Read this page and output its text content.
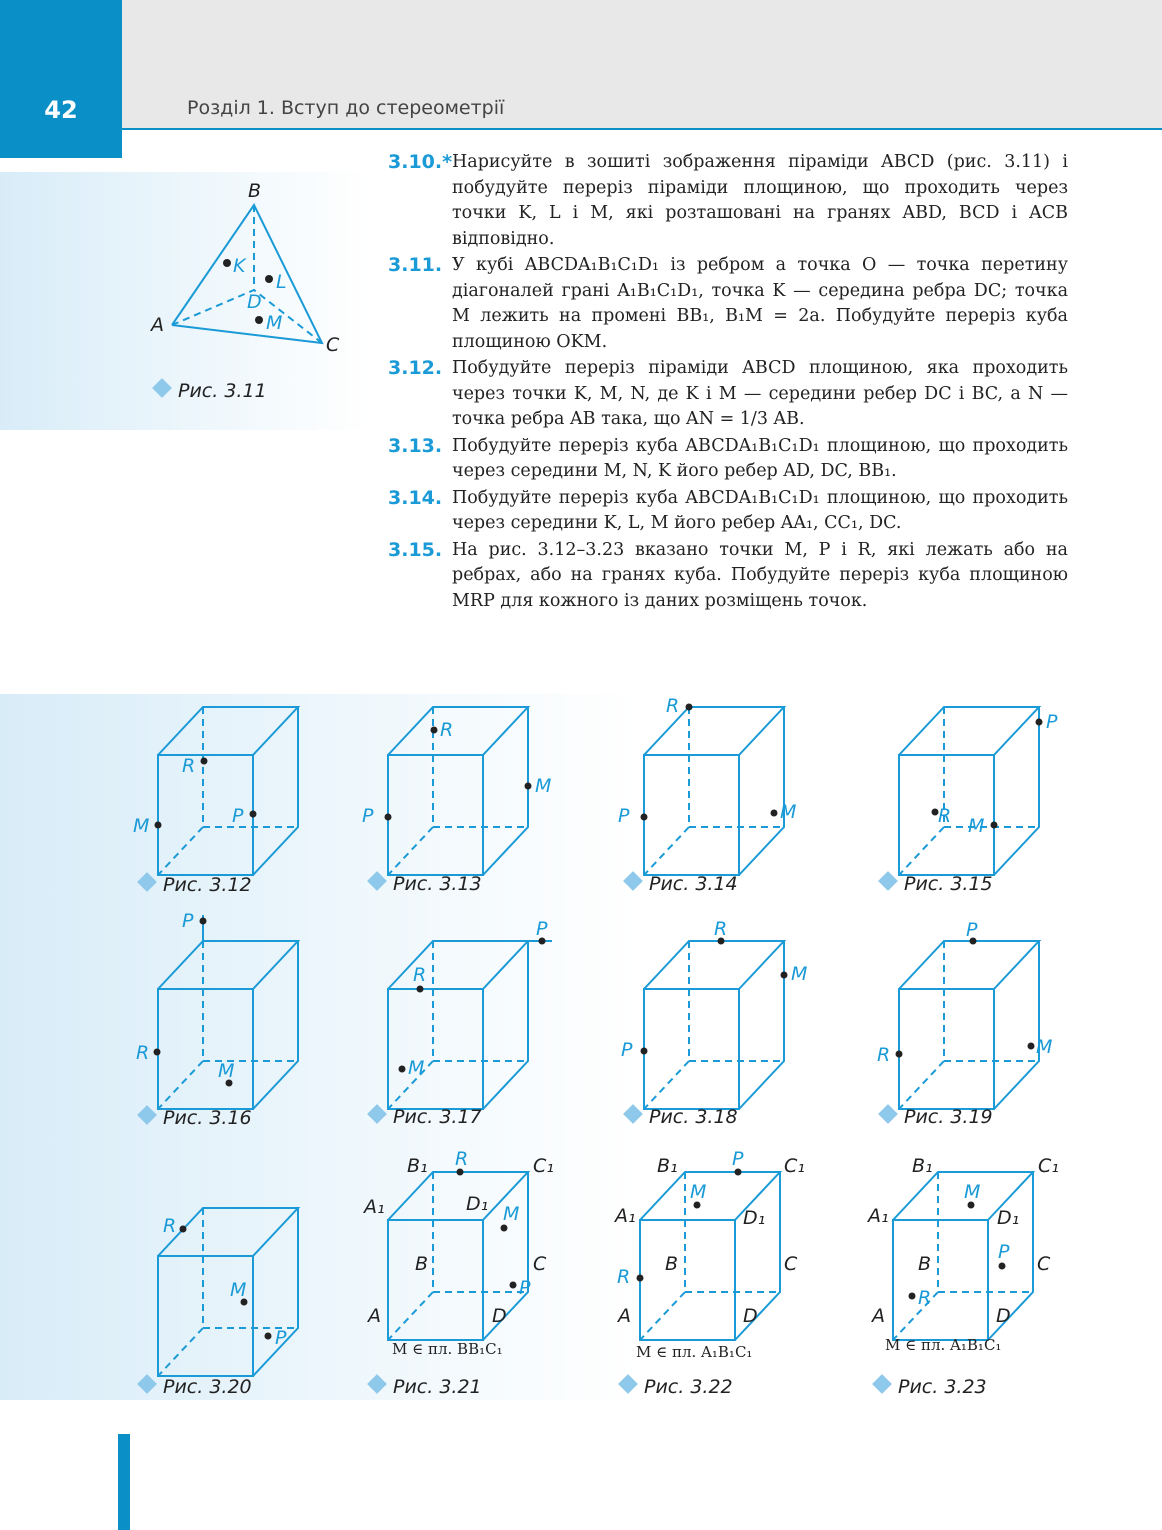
42	Розділ 1. Вступ до стереометрії
3.10.* Нарисуйте в зошиті зображення піраміди ABCD (рис. 3.11) і побудуйте переріз піраміди площиною, що проходить через точки K, L і M, які розташовані на гранях ABD, BCD і ACB відповідно.
3.11. У кубі ABCDA₁B₁C₁D₁ із ребром a точка O — точка перетину діагоналей грані A₁B₁C₁D₁, точка K — середина ребра DC; точка M лежить на промені BB₁, B₁M = 2a. Побудуйте переріз куба площиною OKM.
3.12. Побудуйте переріз піраміди ABCD площиною, яка проходить через точки K, M, N, де K і M — середини ребер DC і BC, а N — точка ребра AB така, що AN = 1/3 AB.
3.13. Побудуйте переріз куба ABCDA₁B₁C₁D₁ площиною, що проходить через середини M, N, K його ребер AD, DC, BB₁.
3.14. Побудуйте переріз куба ABCDA₁B₁C₁D₁ площиною, що проходить через середини K, L, M його ребер AA₁, CC₁, DC.
3.15. На рис. 3.12–3.23 вказано точки M, P і R, які лежать або на ребрах, або на гранях куба. Побудуйте переріз куба площиною MRP для кожного із даних розміщень точок.
B
A
C
K
L
D
M
Рис. 3.11
R
M	P
Рис. 3.12
R
M
P
Рис. 3.13
R
P	M
Рис. 3.14
P
R M
Рис. 3.15
P
R
M
Рис. 3.16
P
R
M
Рис. 3.17
R
M
P
Рис. 3.18
P
R	M
Рис. 3.19
R
M
P
Рис. 3.20
B₁ R	C₁
A₁	D₁ M
B	C
P
A	D
M ∈ пл. BB₁C₁
Рис. 3.21
B₁	P C₁
M
A₁	D₁
B	C
R
A	D
M ∈ пл. A₁B₁C₁
Рис. 3.22
B₁	C₁
M
A₁	D₁
B
P
C
R
A	D
M ∈ пл. A₁B₁C₁
Рис. 3.23
